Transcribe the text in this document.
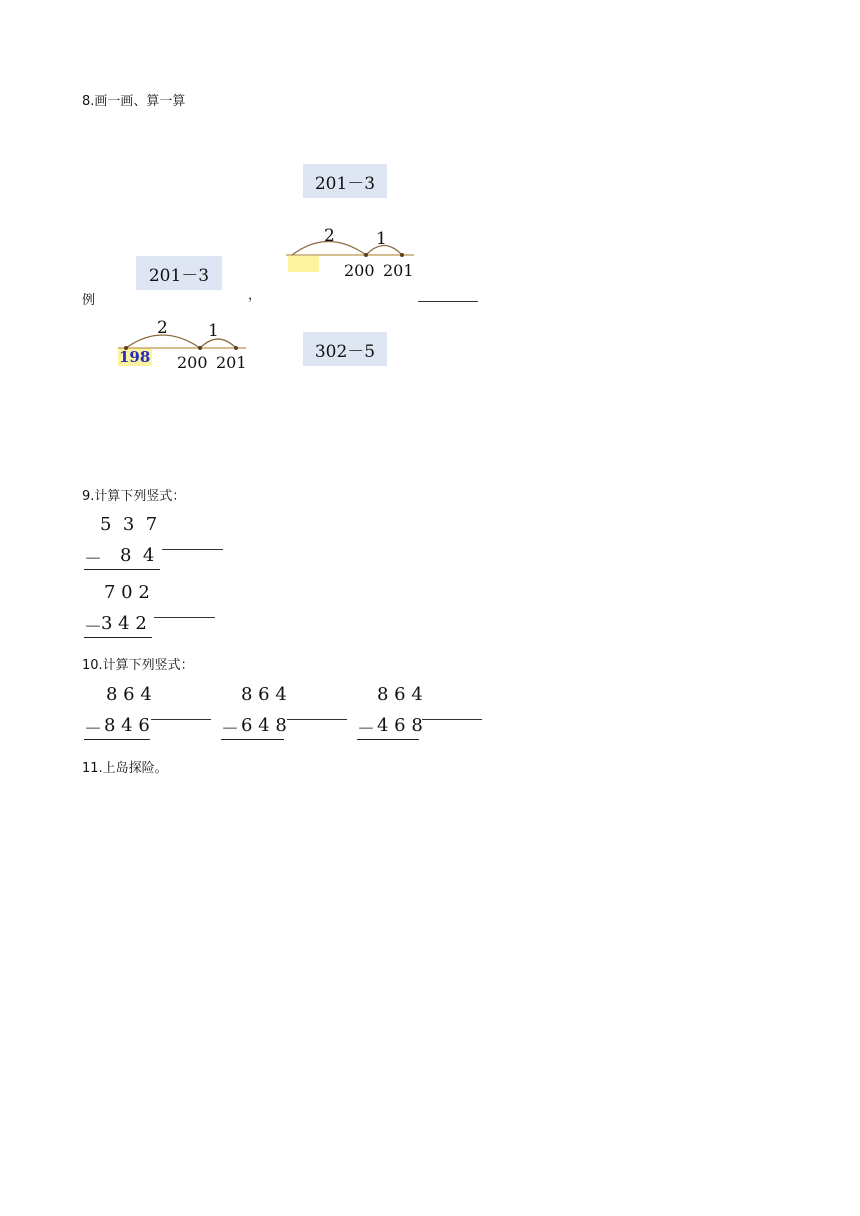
8.画一画、算一算
201－3
2 1
200 201
201－3
例	，
2 1
198 200 201
302－5
9.计算下列竖式：
5  3  7
－ 8  4
7 0 2
－ 3 4 2
10.计算下列竖式：
8 6 4
－ 8 4 6
8 6 4
－ 6 4 8
8 6 4
－ 4 6 8
11.上岛探险。
